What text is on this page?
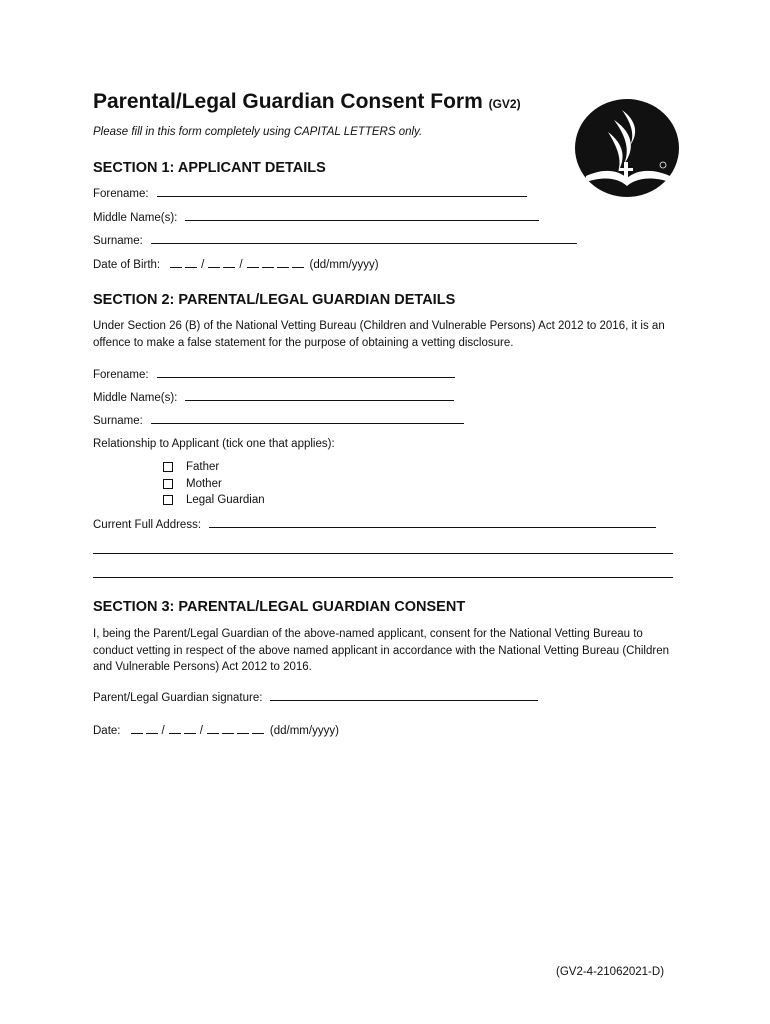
Parental/Legal Guardian Consent Form (GV2)
Please fill in this form completely using CAPITAL LETTERS only.
SECTION 1: APPLICANT DETAILS
Forename:
Middle Name(s):
Surname:
Date of Birth:	/	/	(dd/mm/yyyy)
SECTION 2: PARENTAL/LEGAL GUARDIAN DETAILS
Under Section 26 (B) of the National Vetting Bureau (Children and Vulnerable Persons) Act 2012 to 2016, it is an offence to make a false statement for the purpose of obtaining a vetting disclosure.
Forename:
Middle Name(s):
Surname:
Relationship to Applicant (tick one that applies):
Father
Mother
Legal Guardian
Current Full Address:
SECTION 3: PARENTAL/LEGAL GUARDIAN CONSENT
I, being the Parent/Legal Guardian of the above-named applicant, consent for the National Vetting Bureau to conduct vetting in respect of the above named applicant in accordance with the National Vetting Bureau (Children and Vulnerable Persons) Act 2012 to 2016.
Parent/Legal Guardian signature:
Date:	/	/	(dd/mm/yyyy)
(GV2-4-21062021-D)
